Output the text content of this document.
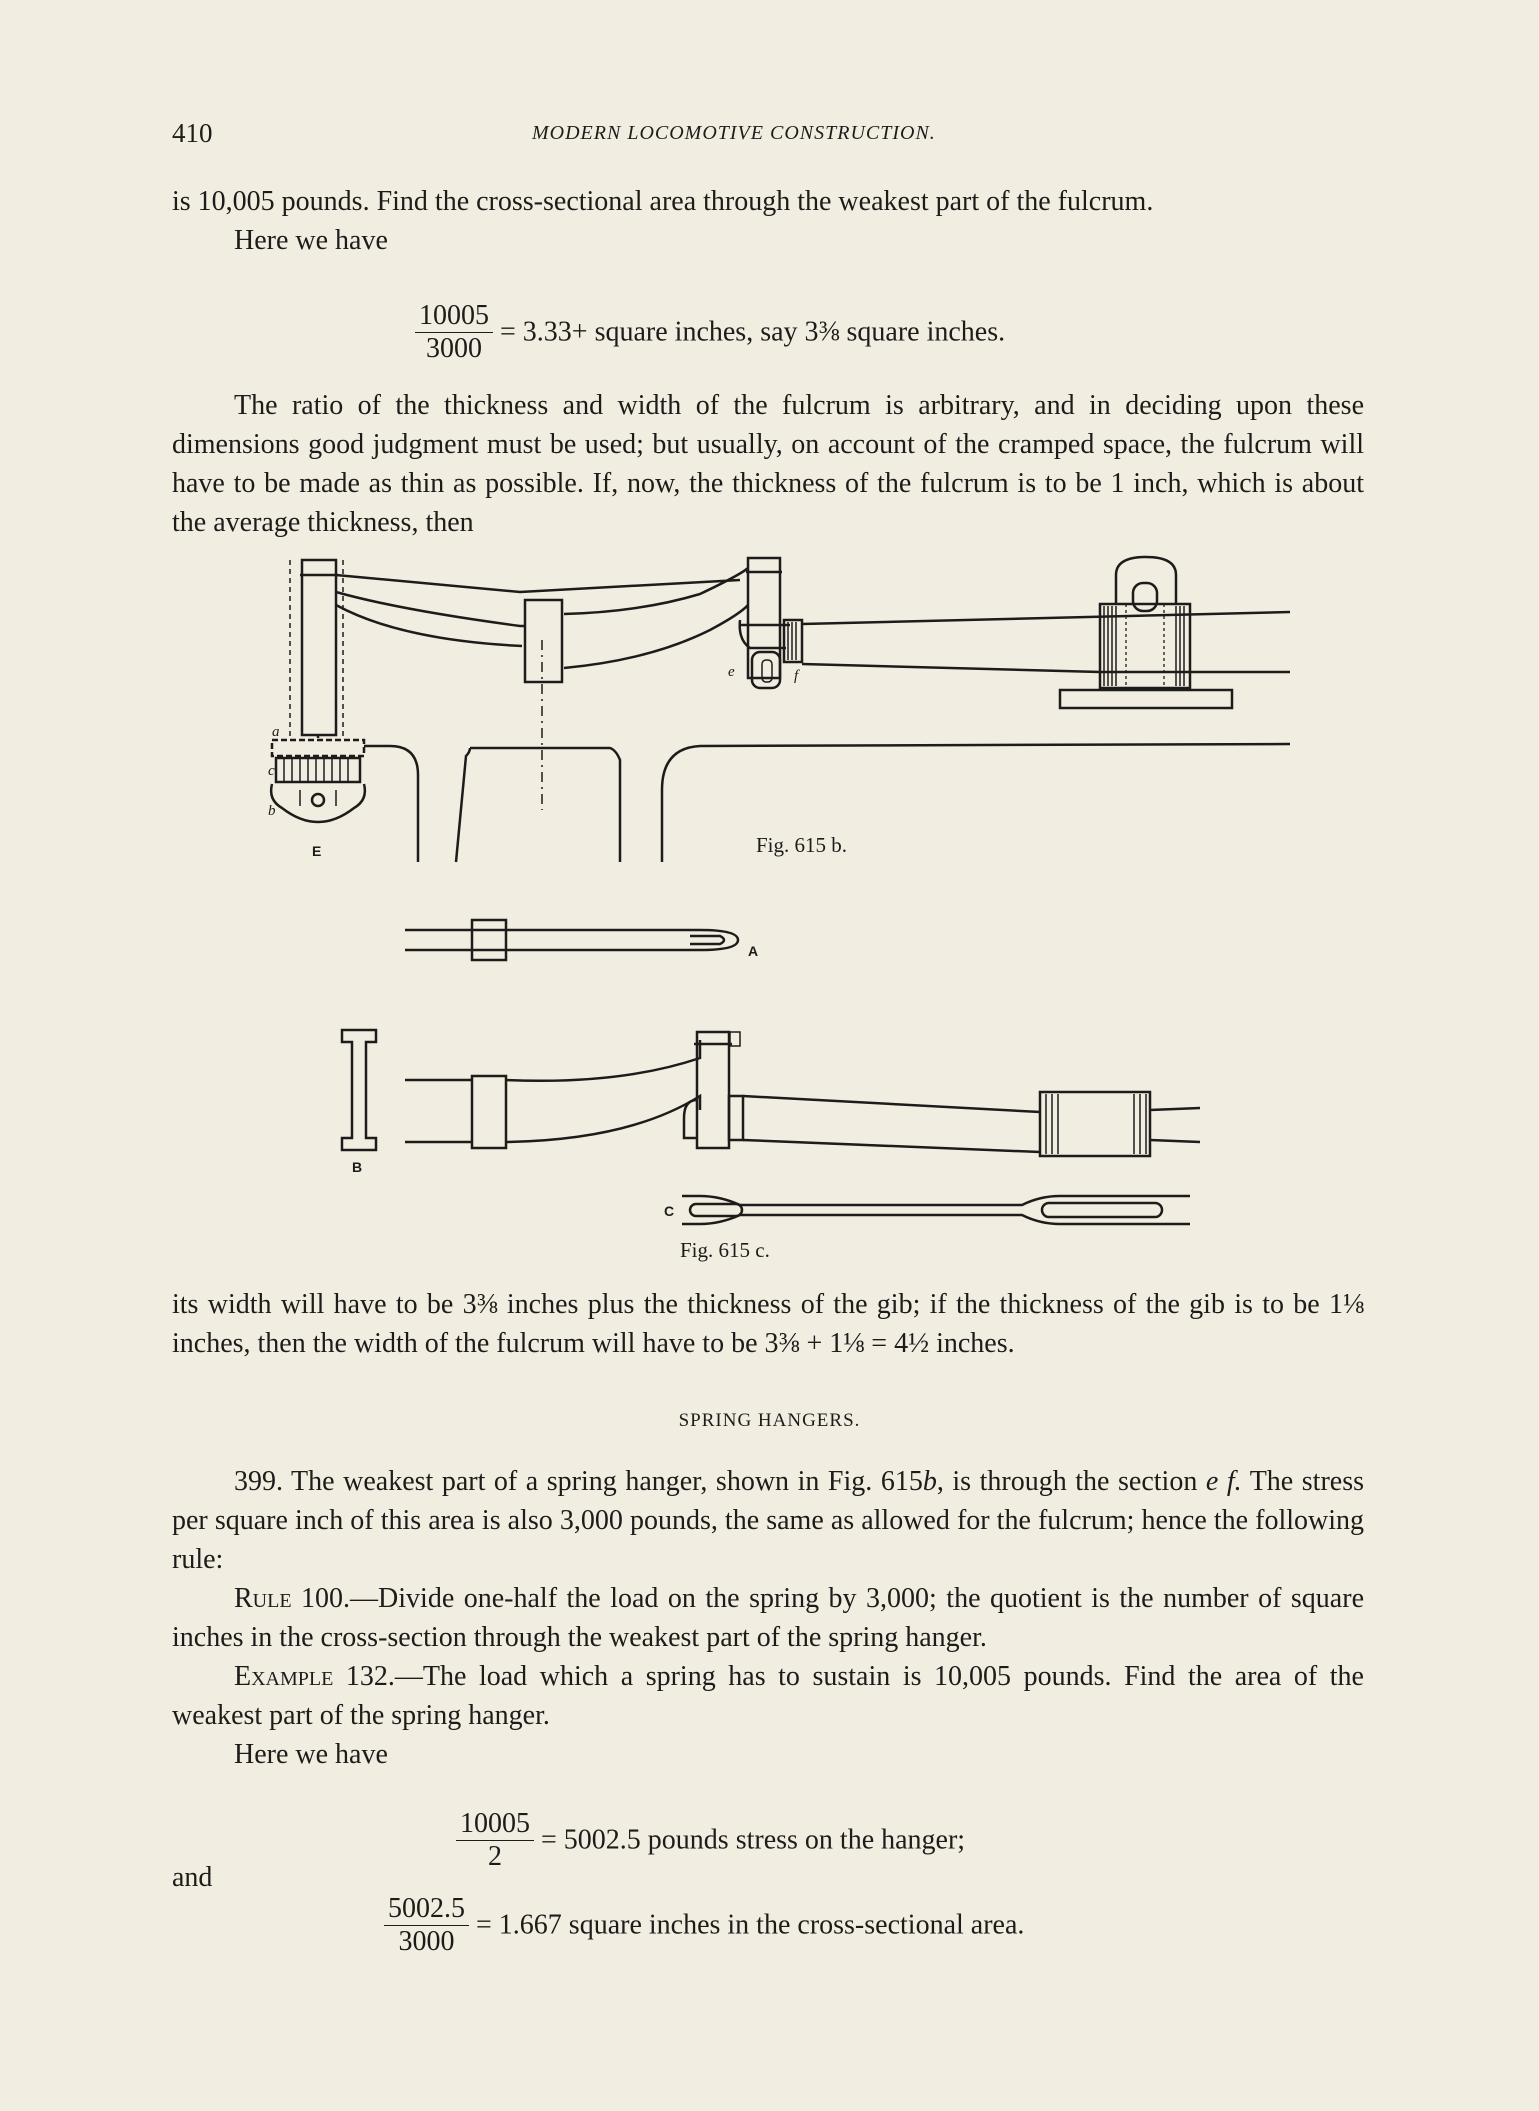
410	MODERN LOCOMOTIVE CONSTRUCTION.

is 10,005 pounds. Find the cross-sectional area through the weakest part of the fulcrum.

Here we have

$\frac{10005}{3000} = 3.33+$ square inches, say 3⅜ square inches.
The ratio of the thickness and width of the fulcrum is arbitrary, and in deciding upon these dimensions good judgment must be used; but usually, on account of the cramped space, the fulcrum will have to be made as thin as possible. If, now, the thickness of the fulcrum is to be 1 inch, which is about the average thickness, then
a
c
b
E
e	f
Fig. 615 b.
A
B
C
Fig. 615 c.
its width will have to be 3⅜ inches plus the thickness of the gib; if the thickness of the gib is to be 1⅛ inches, then the width of the fulcrum will have to be 3⅜ + 1⅛ = 4½ inches.
SPRING HANGERS.

399. The weakest part of a spring hanger, shown in Fig. 615b, is through the section e f. The stress per square inch of this area is also 3,000 pounds, the same as allowed for the fulcrum; hence the following rule:

Rule 100.—Divide one-half the load on the spring by 3,000; the quotient is the number of square inches in the cross-section through the weakest part of the spring hanger.

Example 132.—The load which a spring has to sustain is 10,005 pounds. Find the area of the weakest part of the spring hanger.

Here we have

$\frac{10005}{2} = 5002.5$ pounds stress on the hanger;
and
$\frac{5002.5}{3000} = 1.667$ square inches in the cross-sectional area.
